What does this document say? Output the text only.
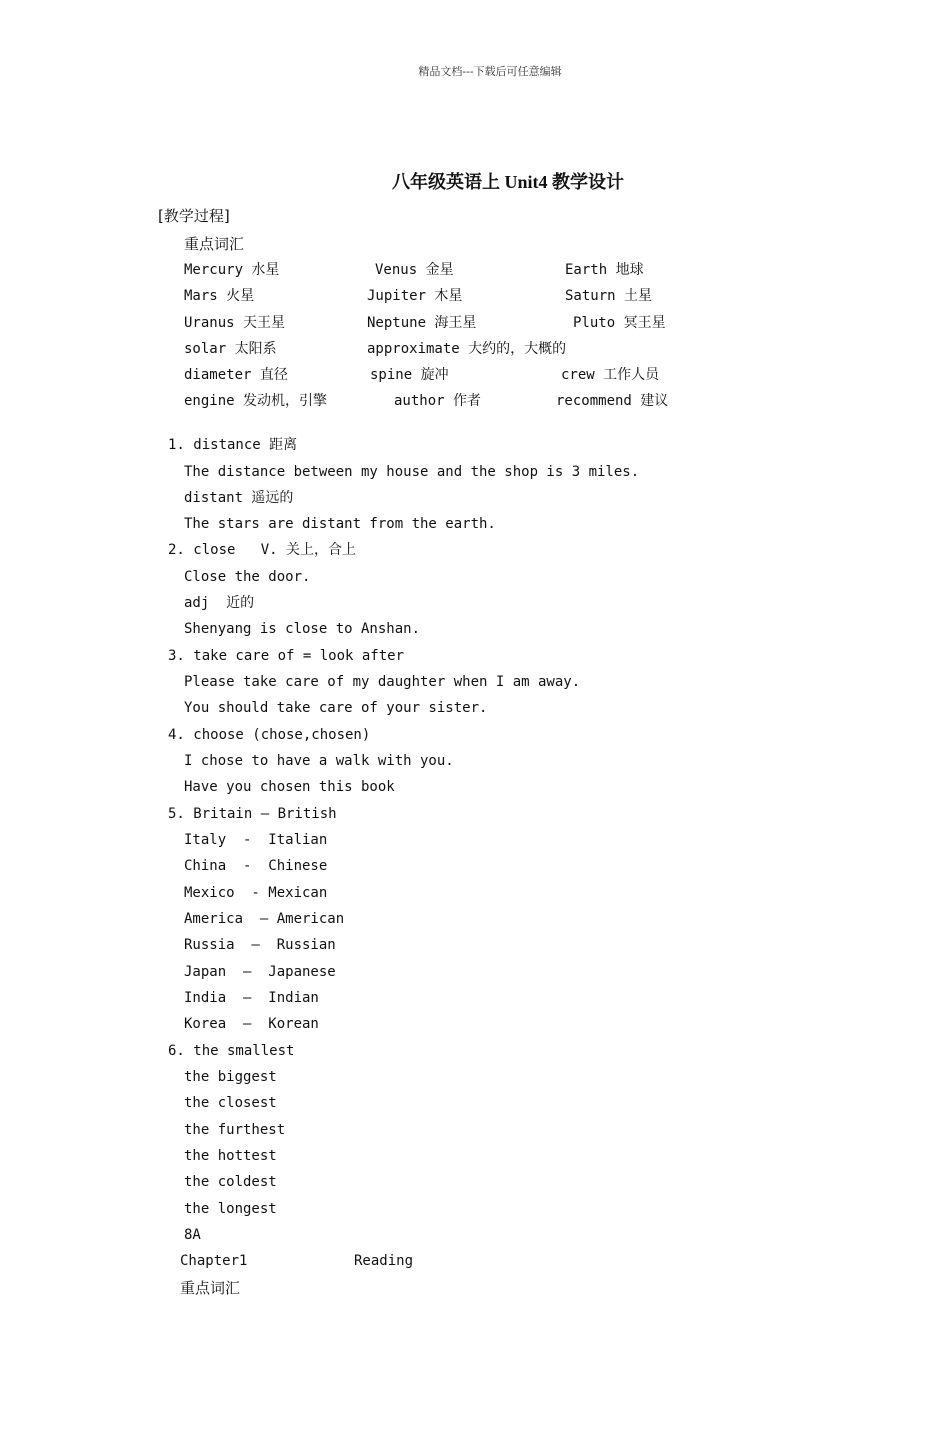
精品文档---下载后可任意编辑
八年级英语上 Unit4 教学设计
[教学过程]
重点词汇
Mercury 水星	Venus 金星	Earth 地球
Mars 火星	Jupiter 木星	Saturn 土星
Uranus 天王星	Neptune 海王星	Pluto 冥王星
solar 太阳系	approximate 大约的，大概的
diameter 直径	spine 旋冲	crew 工作人员
engine 发动机，引擎	author 作者	recommend 建议
1. distance 距离
The distance between my house and the shop is 3 miles.
distant 遥远的
The stars are distant from the earth.
2. close   V. 关上，合上
Close the door.
adj  近的
Shenyang is close to Anshan.
3. take care of = look after
Please take care of my daughter when I am away.
You should take care of your sister.
4. choose (chose,chosen)
I chose to have a walk with you.
Have you chosen this book
5. Britain – British
Italy  -  Italian
China  -  Chinese
Mexico  - Mexican
America  – American
Russia  –  Russian
Japan  –  Japanese
India  –  Indian
Korea  –  Korean
6. the smallest
the biggest
the closest
the furthest
the hottest
the coldest
the longest
8A
Chapter1	Reading
重点词汇
